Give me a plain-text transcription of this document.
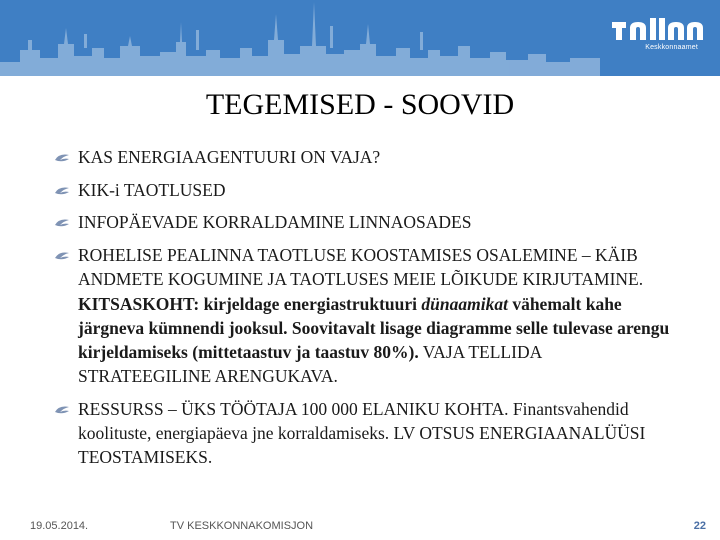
Keskkonnaamet
TEGEMISED - SOOVID
KAS ENERGIAAGENTUURI ON VAJA?
KIK-i TAOTLUSED
INFOPÄEVADE KORRALDAMINE LINNAOSADES
ROHELISE PEALINNA TAOTLUSE KOOSTAMISES OSALEMINE – KÄIB ANDMETE KOGUMINE JA TAOTLUSES MEIE LÕIKUDE KIRJUTAMINE. KITSASKOHT: kirjeldage energiastruktuuri dünaamikat vähemalt kahe järgneva kümnendi jooksul. Soovitavalt lisage diagramme selle tulevase arengu kirjeldamiseks (mittetaastuv ja taastuv 80%). VAJA TELLIDA STRATEEGILINE ARENGUKAVA.
RESSURSS – ÜKS TÖÖTAJA 100 000 ELANIKU KOHTA. Finantsvahendid koolituste, energiapäeva jne korraldamiseks. LV OTSUS ENERGIAANALÜÜSI TEOSTAMISEKS.
19.05.2014.	TV KESKKONNAKOMISJON	22
